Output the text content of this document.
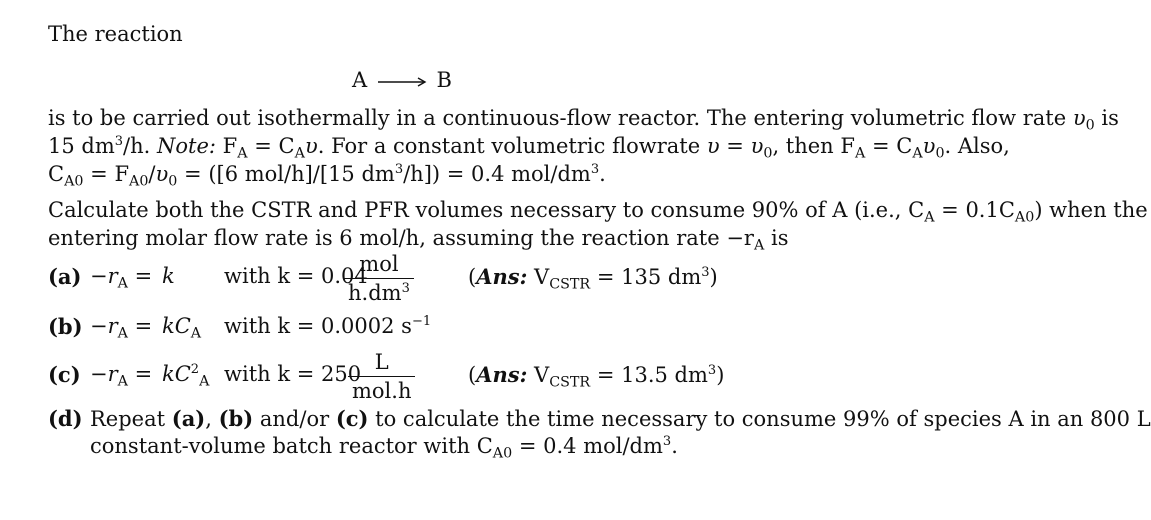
The reaction
A → B
is to be carried out isothermally in a continuous-flow reactor. The entering volumetric flow rate $\upsilon_0$ is
15 $dm^3/h$. Note: $F_A = C_A\upsilon$. For a constant volumetric flowrate $\upsilon = \upsilon_0$, then $F_A = C_A\upsilon_0$. Also,
$C_{A0} = F_{A0}/\upsilon_0 = ([6$ mol/h]/[15 $dm^3/h]) = 0.4$ mol/$dm^3$.
Calculate both the CSTR and PFR volumes necessary to consume 90% of A (i.e., $C_A = 0.1C_{A0}$) when the
entering molar flow rate is 6 mol/h, assuming the reaction rate $-r_A$ is
$(a) -r_A = k$ with k = 0.04
mol
$h.dm^3$	(Ans: $V_{CSTR} = 135$ $dm^3$)
$(b) -r_A = kC_A$ with k = 0.0002 $s^{-1}$
$(c) -r_A = kC^2_A$ with k = 250 L
mol.h
(Ans: $V_{CSTR} = 13.5$ $dm^3$)
(d) Repeat (a), (b) and/or (c) to calculate the time necessary to consume 99% of species A in an 800 L
constant-volume batch reactor with $C_{A0} = 0.4$ mol/$dm^3$.
